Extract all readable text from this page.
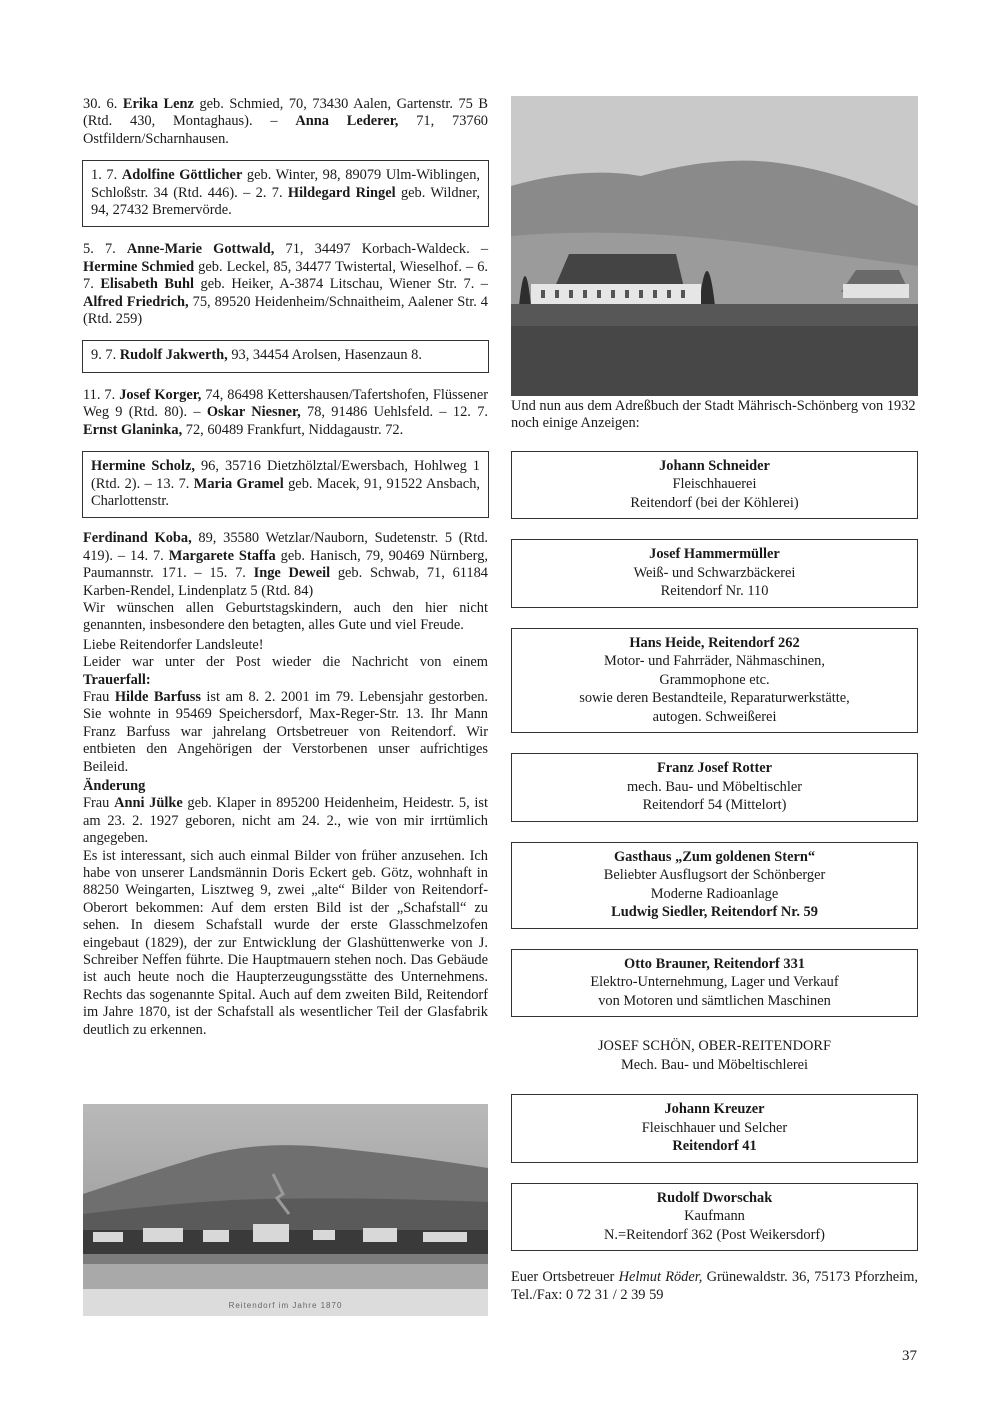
30. 6. Erika Lenz geb. Schmied, 70, 73430 Aalen, Gartenstr. 75 B (Rtd. 430, Montaghaus). – Anna Lederer, 71, 73760 Ostfildern/Scharnhausen.

1. 7. Adolfine Göttlicher geb. Winter, 98, 89079 Ulm-Wiblingen, Schloßstr. 34 (Rtd. 446). – 2. 7. Hildegard Ringel geb. Wildner, 94, 27432 Bremervörde.

5. 7. Anne-Marie Gottwald, 71, 34497 Korbach-Waldeck. – Hermine Schmied geb. Leckel, 85, 34477 Twistertal, Wieselhof. – 6. 7. Elisabeth Buhl geb. Heiker, A-3874 Litschau, Wiener Str. 7. – Alfred Friedrich, 75, 89520 Heidenheim/Schnaitheim, Aalener Str. 4 (Rtd. 259)

9. 7. Rudolf Jakwerth, 93, 34454 Arolsen, Hasenzaun 8.

11. 7. Josef Korger, 74, 86498 Kettershausen/Tafertshofen, Flüssener Weg 9 (Rtd. 80). – Oskar Niesner, 78, 91486 Uehlsfeld. – 12. 7. Ernst Glaninka, 72, 60489 Frankfurt, Niddagaustr. 72.

Hermine Scholz, 96, 35716 Dietzhölztal/Ewersbach, Hohlweg 1 (Rtd. 2). – 13. 7. Maria Gramel geb. Macek, 91, 91522 Ansbach, Charlottenstr.

Ferdinand Koba, 89, 35580 Wetzlar/Nauborn, Sudetenstr. 5 (Rtd. 419). – 14. 7. Margarete Staffa geb. Hanisch, 79, 90469 Nürnberg, Paumannstr. 171. – 15. 7. Inge Deweil geb. Schwab, 71, 61184 Karben-Rendel, Lindenplatz 5 (Rtd. 84)

Wir wünschen allen Geburtstagskindern, auch den hier nicht genannten, insbesondere den betagten, alles Gute und viel Freude.

Liebe Reitendorfer Landsleute!

Leider war unter der Post wieder die Nachricht von einem Trauerfall:

Frau Hilde Barfuss ist am 8. 2. 2001 im 79. Lebensjahr gestorben. Sie wohnte in 95469 Speichersdorf, Max-Reger-Str. 13. Ihr Mann Franz Barfuss war jahrelang Ortsbetreuer von Reitendorf. Wir entbieten den Angehörigen der Verstorbenen unser aufrichtiges Beileid.

Änderung

Frau Anni Jülke geb. Klaper in 895200 Heidenheim, Heidestr. 5, ist am 23. 2. 1927 geboren, nicht am 24. 2., wie von mir irrtümlich angegeben.

Es ist interessant, sich auch einmal Bilder von früher anzusehen. Ich habe von unserer Landsmännin Doris Eckert geb. Götz, wohnhaft in 88250 Weingarten, Lisztweg 9, zwei „alte“ Bilder von Reitendorf-Oberort bekommen: Auf dem ersten Bild ist der „Schafstall“ zu sehen. In diesem Schafstall wurde der erste Glasschmelzofen eingebaut (1829), der zur Entwicklung der Glashüttenwerke von J. Schreiber Neffen führte. Die Hauptmauern stehen noch. Das Gebäude ist auch heute noch die Haupterzeugungsstätte des Unternehmens. Rechts das sogenannte Spital. Auch auf dem zweiten Bild, Reitendorf im Jahre 1870, ist der Schafstall als wesentlicher Teil der Glasfabrik deutlich zu erkennen.

Reitendorf im Jahre 1870

Und nun aus dem Adreßbuch der Stadt Mährisch-Schönberg von 1932 noch einige Anzeigen:

Johann Schneider
Fleischhauerei
Reitendorf (bei der Köhlerei)
Josef Hammermüller
Weiß- und Schwarzbäckerei
Reitendorf Nr. 110
Hans Heide, Reitendorf 262
Motor- und Fahrräder, Nähmaschinen,
Grammophone etc.
sowie deren Bestandteile, Reparaturwerkstätte,
autogen. Schweißerei
Franz Josef Rotter
mech. Bau- und Möbeltischler
Reitendorf 54 (Mittelort)
Gasthaus „Zum goldenen Stern“
Beliebter Ausflugsort der Schönberger
Moderne Radioanlage
Ludwig Siedler, Reitendorf Nr. 59
Otto Brauner, Reitendorf 331
Elektro-Unternehmung, Lager und Verkauf
von Motoren und sämtlichen Maschinen
JOSEF SCHÖN, OBER-REITENDORF
Mech. Bau- und Möbeltischlerei
Johann Kreuzer
Fleischhauer und Selcher
Reitendorf 41
Rudolf Dworschak
Kaufmann
N.=Reitendorf 362 (Post Weikersdorf)

Euer Ortsbetreuer Helmut Röder, Grünewaldstr. 36, 75173 Pforzheim, Tel./Fax: 0 72 31 / 2 39 59

37
